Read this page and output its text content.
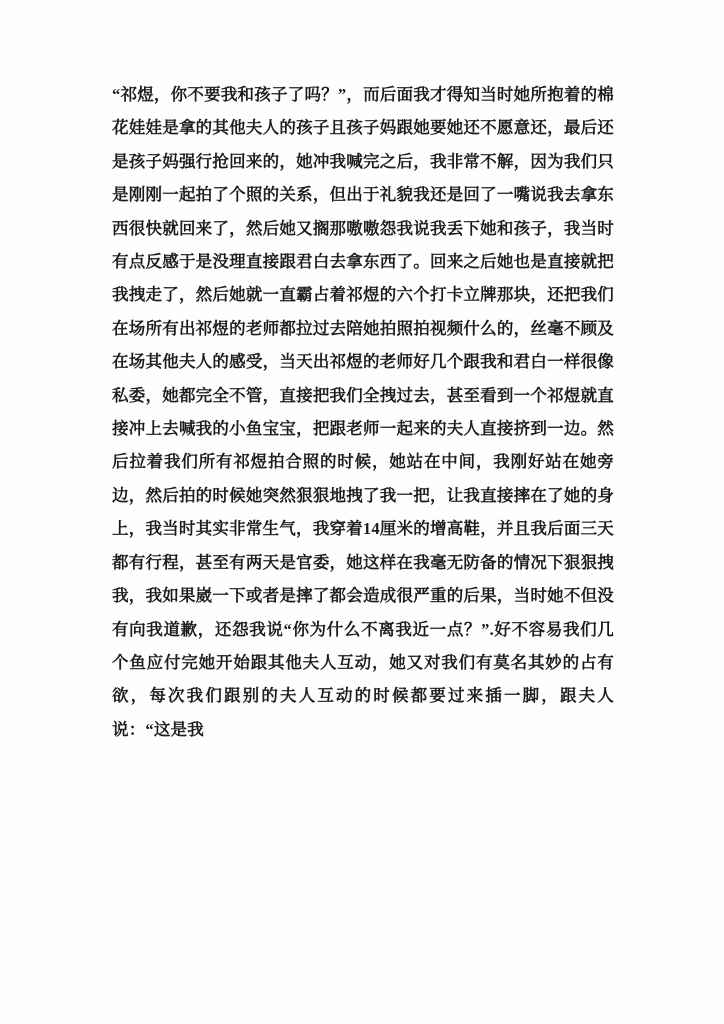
“祁煜，你不要我和孩子了吗？”，而后面我才得知当时她所抱着的棉花娃娃是拿的其他夫人的孩子且孩子妈跟她要她还不愿意还，最后还是孩子妈强行抢回来的，她冲我喊完之后，我非常不解，因为我们只是刚刚一起拍了个照的关系，但出于礼貌我还是回了一嘴说我去拿东西很快就回来了，然后她又搁那嗷嗷怨我说我丢下她和孩子，我当时有点反感于是没理直接跟君白去拿东西了。回来之后她也是直接就把我拽走了，然后她就一直霸占着祁煜的六个打卡立牌那块，还把我们在场所有出祁煜的老师都拉过去陪她拍照拍视频什么的，丝毫不顾及在场其他夫人的感受，当天出祁煜的老师好几个跟我和君白一样很像私委，她都完全不管，直接把我们全拽过去，甚至看到一个祁煜就直接冲上去喊我的小鱼宝宝，把跟老师一起来的夫人直接挤到一边。然后拉着我们所有祁煜拍合照的时候，她站在中间，我刚好站在她旁边，然后拍的时候她突然狠狠地拽了我一把，让我直接摔在了她的身上，我当时其实非常生气，我穿着14厘米的增高鞋，并且我后面三天都有行程，甚至有两天是官委，她这样在我毫无防备的情况下狠狠拽我，我如果崴一下或者是摔了都会造成很严重的后果，当时她不但没有向我道歉，还怨我说“你为什么不离我近一点？”.好不容易我们几个鱼应付完她开始跟其他夫人互动，她又对我们有莫名其妙的占有欲，每次我们跟别的夫人互动的时候都要过来插一脚，跟夫人说：“这是我
